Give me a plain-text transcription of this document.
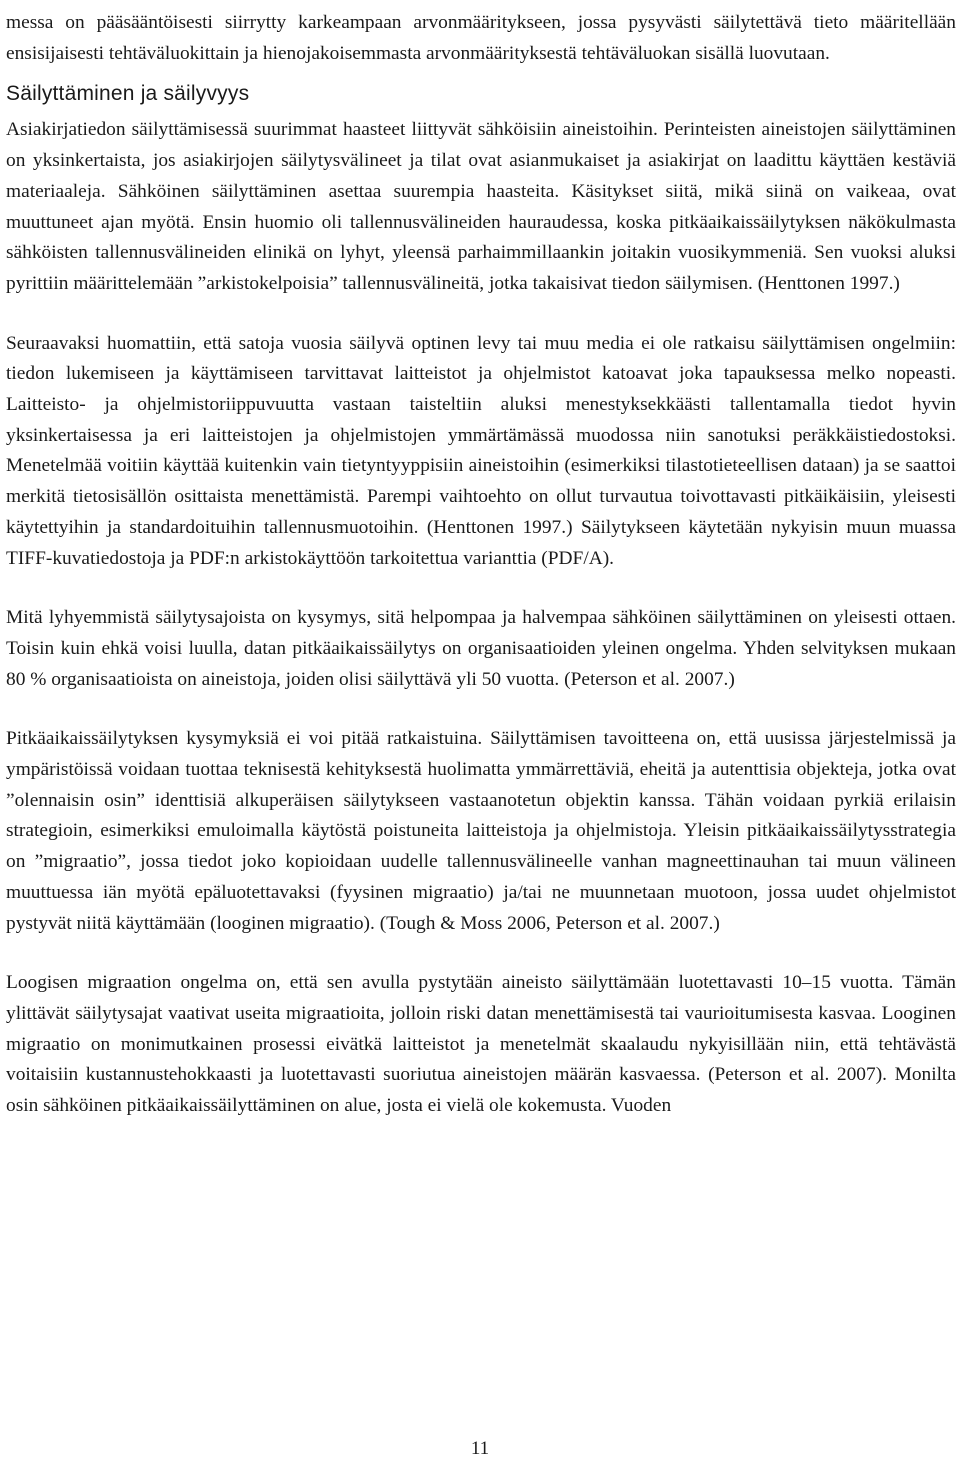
messa on pääsääntöisesti siirrytty karkeampaan arvonmääritykseen, jossa pysyvästi säilytettävä tieto määritellään ensisijaisesti tehtäväluokittain ja hienojakoisemmasta arvonmäärityksestä tehtäväluokan sisällä luovutaan.

Säilyttäminen ja säilyvyys

Asiakirjatiedon säilyttämisessä suurimmat haasteet liittyvät sähköisiin aineistoihin. Perinteisten aineistojen säilyttäminen on yksinkertaista, jos asiakirjojen säilytysvälineet ja tilat ovat asianmukaiset ja asiakirjat on laadittu käyttäen kestäviä materiaaleja. Sähköinen säilyttäminen asettaa suurempia haasteita. Käsitykset siitä, mikä siinä on vaikeaa, ovat muuttuneet ajan myötä. Ensin huomio oli tallennusvälineiden hauraudessa, koska pitkäaikaissäilytyksen näkökulmasta sähköisten tallennusvälineiden elinikä on lyhyt, yleensä parhaimmillaankin joitakin vuosikymmeniä. Sen vuoksi aluksi pyrittiin määrittelemään ”arkistokelpoisia” tallennusvälineitä, jotka takaisivat tiedon säilymisen. (Henttonen 1997.)

Seuraavaksi huomattiin, että satoja vuosia säilyvä optinen levy tai muu media ei ole ratkaisu säilyttämisen ongelmiin: tiedon lukemiseen ja käyttämiseen tarvittavat laitteistot ja ohjelmistot katoavat joka tapauksessa melko nopeasti. Laitteisto- ja ohjelmistoriippuvuutta vastaan taisteltiin aluksi menestyksekkäästi tallentamalla tiedot hyvin yksinkertaisessa ja eri laitteistojen ja ohjelmistojen ymmärtämässä muodossa niin sanotuksi peräkkäistiedostoksi. Menetelmää voitiin käyttää kuitenkin vain tietyntyyppisiin aineistoihin (esimerkiksi tilastotieteellisen dataan) ja se saattoi merkitä tietosisällön osittaista menettämistä. Parempi vaihtoehto on ollut turvautua toivottavasti pitkäikäisiin, yleisesti käytettyihin ja standardoituihin tallennusmuotoihin. (Henttonen 1997.) Säilytykseen käytetään nykyisin muun muassa TIFF-kuvatiedostoja ja PDF:n arkistokäyttöön tarkoitettua varianttia (PDF/A).

Mitä lyhyemmistä säilytysajoista on kysymys, sitä helpompaa ja halvempaa sähköinen säilyttäminen on yleisesti ottaen. Toisin kuin ehkä voisi luulla, datan pitkäaikaissäilytys on organisaatioiden yleinen ongelma. Yhden selvityksen mukaan 80 % organisaatioista on aineistoja, joiden olisi säilyttävä yli 50 vuotta. (Peterson et al. 2007.)

Pitkäaikaissäilytyksen kysymyksiä ei voi pitää ratkaistuina. Säilyttämisen tavoitteena on, että uusissa järjestelmissä ja ympäristöissä voidaan tuottaa teknisestä kehityksestä huolimatta ymmärrettäviä, eheitä ja autenttisia objekteja, jotka ovat ”olennaisin osin” identtisiä alkuperäisen säilytykseen vastaanotetun objektin kanssa. Tähän voidaan pyrkiä erilaisin strategioin, esimerkiksi emuloimalla käytöstä poistuneita laitteistoja ja ohjelmistoja. Yleisin pitkäaikaissäilytysstrategia on ”migraatio”, jossa tiedot joko kopioidaan uudelle tallennusvälineelle vanhan magneettinauhan tai muun välineen muuttuessa iän myötä epäluotettavaksi (fyysinen migraatio) ja/tai ne muunnetaan muotoon, jossa uudet ohjelmistot pystyvät niitä käyttämään (looginen migraatio). (Tough & Moss 2006, Peterson et al. 2007.)

Loogisen migraation ongelma on, että sen avulla pystytään aineisto säilyttämään luotettavasti 10–15 vuotta. Tämän ylittävät säilytysajat vaativat useita migraatioita, jolloin riski datan menettämisestä tai vaurioitumisesta kasvaa. Looginen migraatio on monimutkainen prosessi eivätkä laitteistot ja menetelmät skaalaudu nykyisillään niin, että tehtävästä voitaisiin kustannustehokkaasti ja luotettavasti suoriutua aineistojen määrän kasvaessa. (Peterson et al. 2007). Monilta osin sähköinen pitkäaikaissäilyttäminen on alue, josta ei vielä ole kokemusta. Vuoden

11
